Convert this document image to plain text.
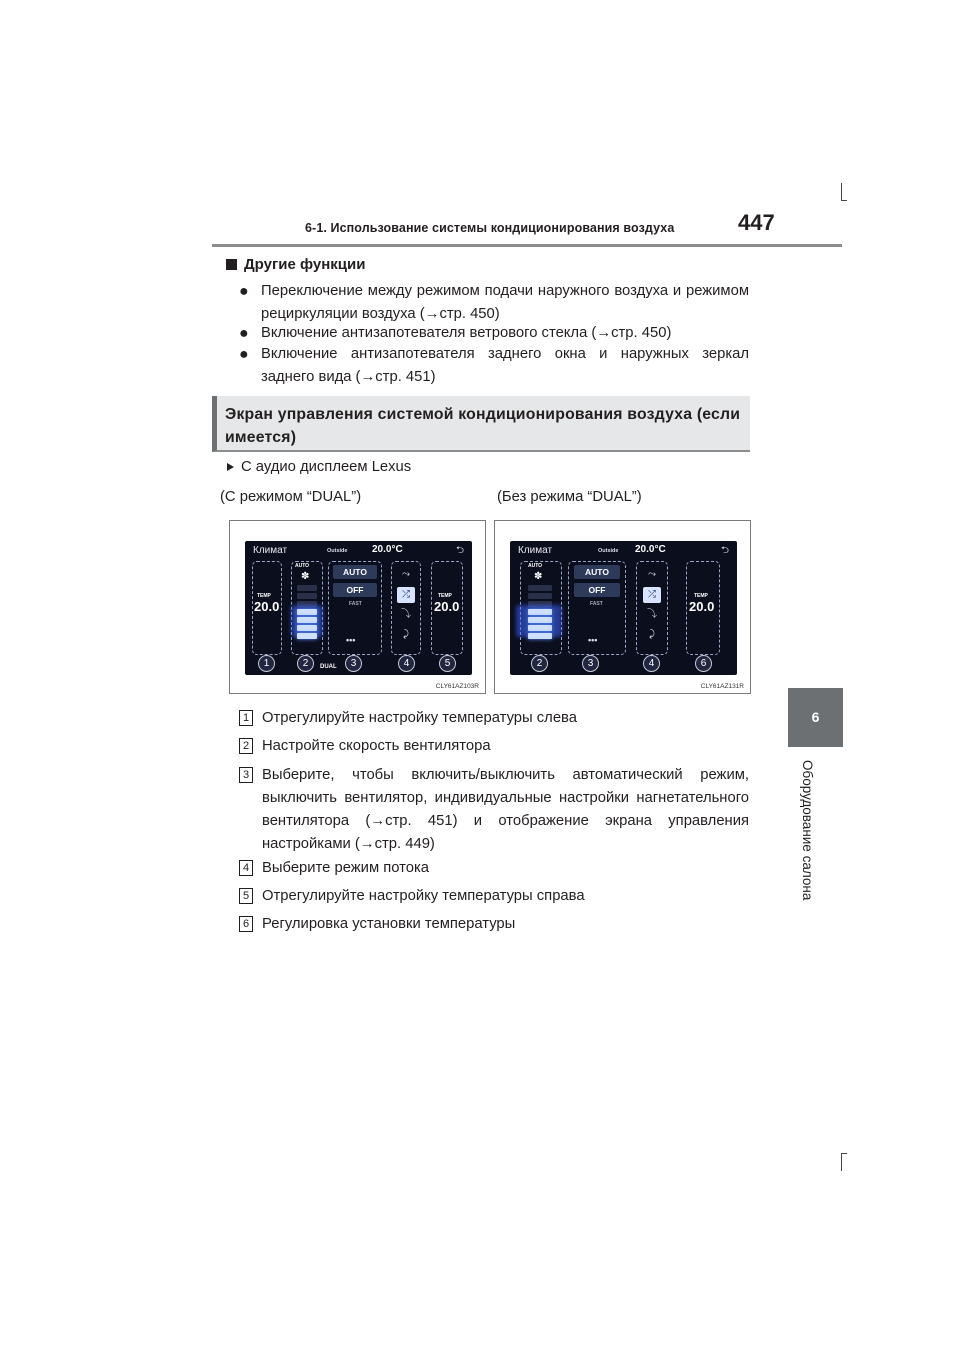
6-1. Использование системы кондиционирования воздуха	447
6
Оборудование салона
Другие функции
● Переключение между режимом подачи наружного воздуха и режимом рециркуляции воздуха (→стр. 450)
● Включение антизапотевателя ветрового стекла (→стр. 450)
● Включение антизапотевателя заднего окна и наружных зеркал заднего вида (→стр. 451)
Экран управления системой кондиционирования воздуха (если имеется)
С аудио дисплеем Lexus
(С режимом “DUAL”)	(Без режима “DUAL”)
Климат	Outside 20.0°C	⮌
TEMP
20.0
AUTO
✽	AUTO
OFF
FAST
•••
⤳
⤮
⤵
⤸
TEMP
20.0
DUAL
1	2	3	4	5
CLY61AZ103R
Климат	Outside 20.0°C	⮌
AUTO
✽	AUTO
OFF
FAST
•••
⤳
⤮
⤵
⤸
TEMP
20.0
2	3	4	6
CLY61AZ131R
1 Отрегулируйте настройку температуры слева
2 Настройте скорость вентилятора
3 Выберите, чтобы включить/выключить автоматический режим, выключить вентилятор, индивидуальные настройки нагнетательного вентилятора (→стр. 451) и отображение экрана управления настройками (→стр. 449)
4 Выберите режим потока
5 Отрегулируйте настройку температуры справа
6 Регулировка установки температуры
